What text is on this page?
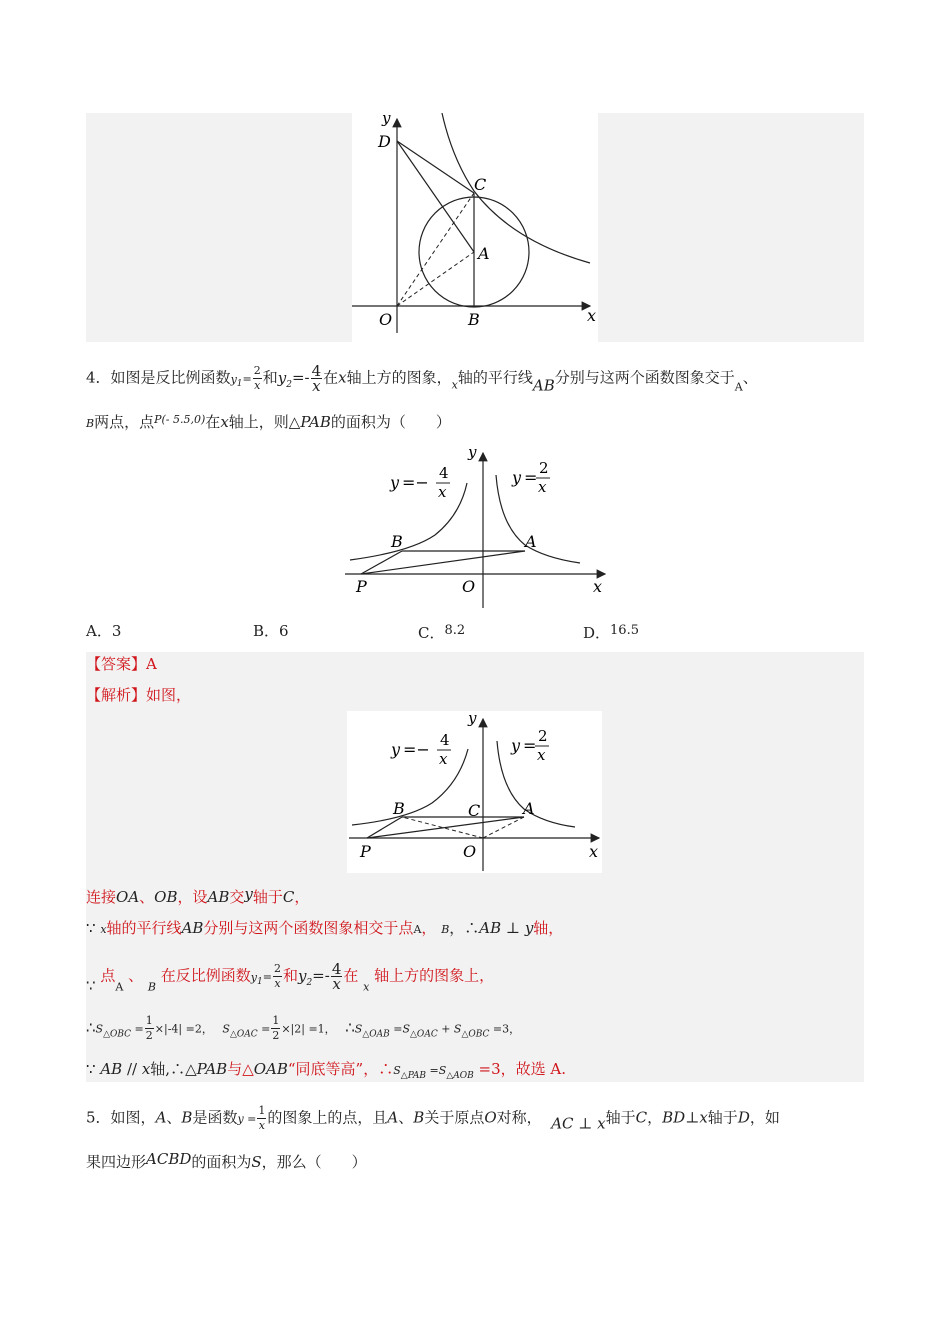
y
D
C
A
O	B	x
4．如图是反比例函数$y_1= \frac{2}{x}$ 和$y_2=- \frac{4}{x}$ 在x轴上方的图象，$_x$轴的平行线AB分别与这两个函数图象交于$_A$、
B两点，点$^{P(- 5.5,0)}$在x轴上，则△PAB的面积为（　　）
y =− 4
x
y = 2
x
y
B	A
P	O	x
A．3	B．6	C．8.2	D．16.5
【答案】A
【解析】如图，
y =− 4
x
y = 2
x
y
B	C	A
P	O	x
连接OA、OB，设AB交y轴于C，
∵ x轴的平行线AB分别与这两个函数图象相交于点A， B，∴AB ⊥ y轴，
∵ 点$_A$ 、 $_B$ 在反比例函数$y_1= \frac{2}{x}$ 和$y_2=- \frac{4}{x}$ 在 $_x$ 轴上方的图象上，
$\therefore S_{\triangle OBC} = \frac{1}{2} \times|-4| =2$， $S_{\triangle OAC} = \frac{1}{2} \times|2| =1$， $\therefore S_{\triangle OAB} =S_{\triangle OAC} + S_{\triangle OBC} =3$，
∵ AB // x轴,∴△PAB与△OAB“同底等高”，$\therefore S_{\triangle PAB} =S_{\triangle AOB} =3$，故选 A.
5．如图，A、B是函数$y = \frac{1}{x}$ 的图象上的点，且A、B关于原点O对称， AC ⊥ x轴于C，BD⊥x轴于D，如
果四边形ACBD的面积为S，那么（　　）
